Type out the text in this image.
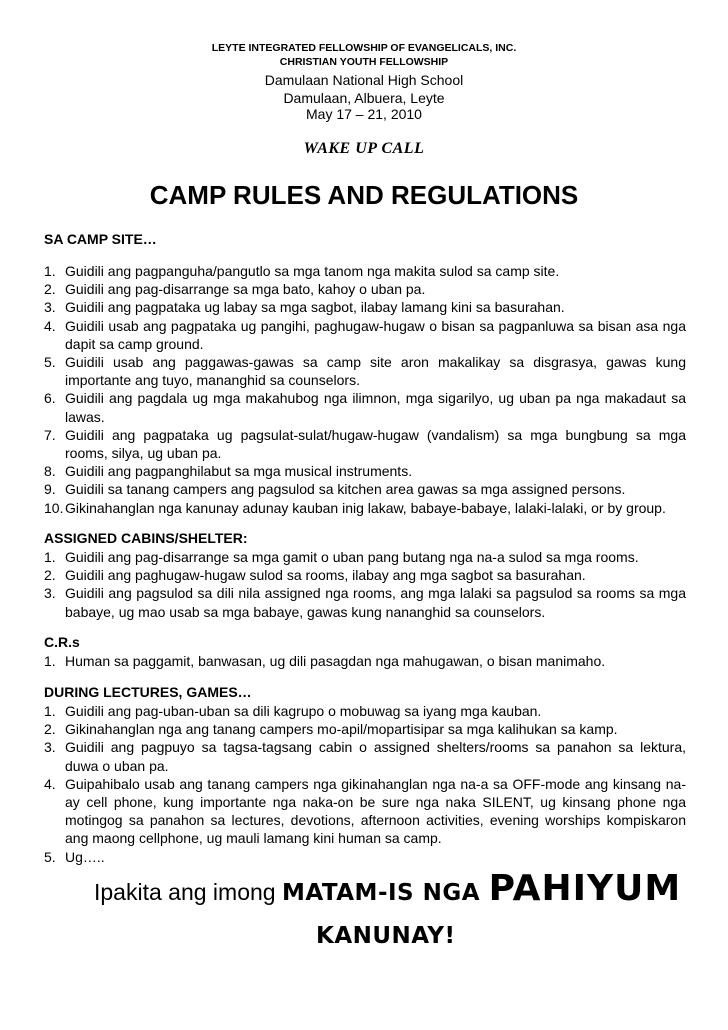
LEYTE INTEGRATED FELLOWSHIP OF EVANGELICALS, INC.
CHRISTIAN YOUTH FELLOWSHIP
Damulaan National High School
Damulaan, Albuera, Leyte
May 17 – 21, 2010
WAKE UP CALL
CAMP RULES AND REGULATIONS
SA CAMP SITE…
1. Guidili ang pagpanguha/pangutlo sa mga tanom nga makita sulod sa camp site.
2. Guidili ang pag-disarrange sa mga bato, kahoy o uban pa.
3. Guidili ang pagpataka ug labay sa mga sagbot, ilabay lamang kini sa basurahan.
4. Guidili usab ang pagpataka ug pangihi, paghugaw-hugaw o bisan sa pagpanluwa sa bisan asa nga dapit sa camp ground.
5. Guidili usab ang paggawas-gawas sa camp site aron makalikay sa disgrasya, gawas kung importante ang tuyo, mananghid sa counselors.
6. Guidili ang pagdala ug mga makahubog nga ilimnon, mga sigarilyo, ug uban pa nga makadaut sa lawas.
7. Guidili ang pagpataka ug pagsulat-sulat/hugaw-hugaw (vandalism) sa mga bungbung sa mga rooms, silya, ug uban pa.
8. Guidili ang pagpanghilabut sa mga musical instruments.
9. Guidili sa tanang campers ang pagsulod sa kitchen area gawas sa mga assigned persons.
10. Gikinahanglan nga kanunay adunay kauban inig lakaw, babaye-babaye, lalaki-lalaki, or by group.
ASSIGNED CABINS/SHELTER:
1. Guidili ang pag-disarrange sa mga gamit o uban pang butang nga na-a sulod sa mga rooms.
2. Guidili ang paghugaw-hugaw sulod sa rooms, ilabay ang mga sagbot sa basurahan.
3. Guidili ang pagsulod sa dili nila assigned nga rooms, ang mga lalaki sa pagsulod sa rooms sa mga babaye, ug mao usab sa mga babaye, gawas kung nananghid sa counselors.
C.R.s
1. Human sa paggamit, banwasan, ug dili pasagdan nga mahugawan, o bisan manimaho.
DURING LECTURES, GAMES…
1. Guidili ang pag-uban-uban sa dili kagrupo o mobuwag sa iyang mga kauban.
2. Gikinahanglan nga ang tanang campers mo-apil/mopartisipar sa mga kalihukan sa kamp.
3. Guidili ang pagpuyo sa tagsa-tagsang cabin o assigned shelters/rooms sa panahon sa lektura, duwa o uban pa.
4. Guipahibalo usab ang tanang campers nga gikinahanglan nga na-a sa OFF-mode ang kinsang na-ay cell phone, kung importante nga naka-on be sure nga naka SILENT, ug kinsang phone nga motingog sa panahon sa lectures, devotions, afternoon activities, evening worships kompiskaron ang maong cellphone, ug mauli lamang kini human sa camp.
5. Ug…..
Ipakita ang imong MATAM-IS NGA PAHIYUM
KANUNAY!
